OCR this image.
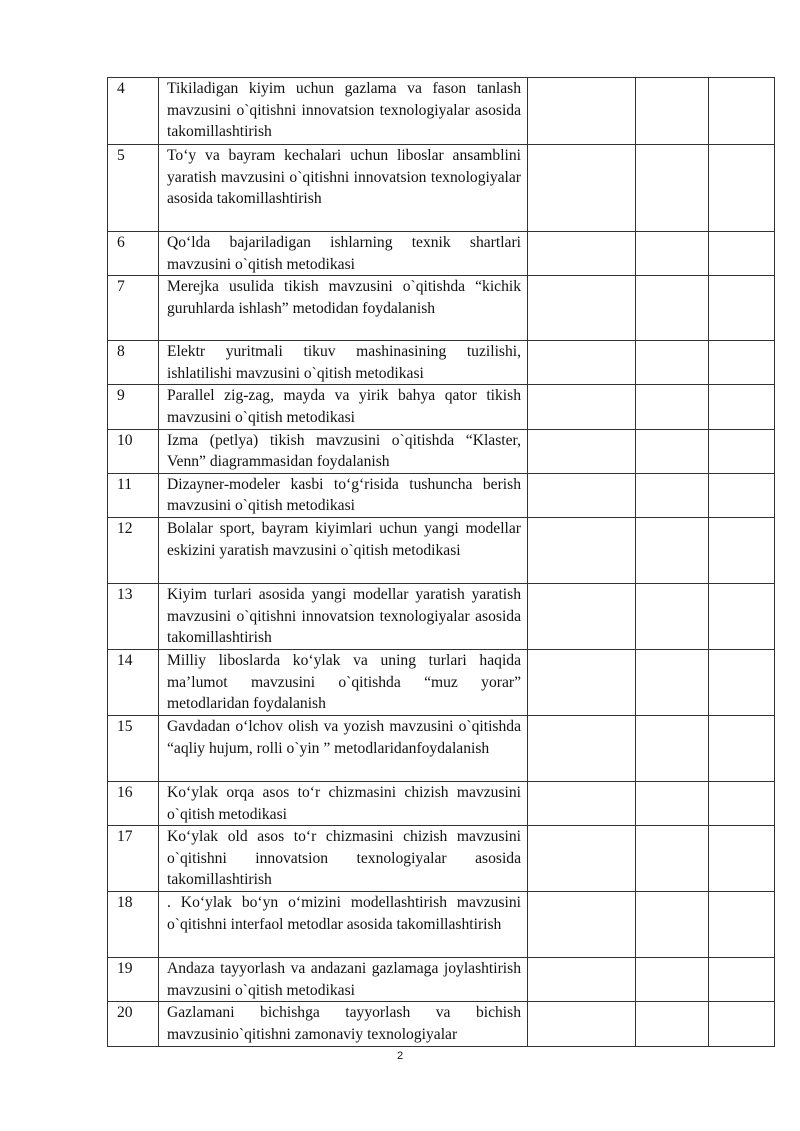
4	Tikiladigan kiyim uchun gazlama va fason tanlash mavzusini o`qitishni innovatsion texnologiyalar asosida takomillashtirish			
5	To‘y va bayram kechalari uchun liboslar ansamblini yaratish mavzusini o`qitishni innovatsion texnologiyalar asosida takomillashtirish			
6	Qo‘lda bajariladigan ishlarning texnik shartlari mavzusini o`qitish metodikasi			
7	Merejka usulida tikish mavzusini o`qitishda “kichik guruhlarda ishlash” metodidan foydalanish			
8	Elektr yuritmali tikuv mashinasining tuzilishi, ishlatilishi mavzusini o`qitish metodikasi			
9	Parallel zig-zag, mayda va yirik bahya qator tikish mavzusini o`qitish metodikasi			
10	Izma (petlya) tikish mavzusini o`qitishda “Klaster, Venn” diagrammasidan foydalanish			
11	Dizayner-modeler kasbi to‘g‘risida tushuncha berish mavzusini o`qitish metodikasi			
12	Bolalar sport, bayram kiyimlari uchun yangi modellar eskizini yaratish mavzusini o`qitish metodikasi			
13	Kiyim turlari asosida yangi modellar yaratish yaratish mavzusini o`qitishni innovatsion texnologiyalar asosida takomillashtirish			
14	Milliy liboslarda ko‘ylak va uning turlari haqida ma’lumot mavzusini o`qitishda “muz yorar” metodlaridan foydalanish			
15	Gavdadan o‘lchov olish va yozish mavzusini o`qitishda “aqliy hujum, rolli o`yin ” metodlaridanfoydalanish			
16	Ko‘ylak orqa asos to‘r chizmasini chizish mavzusini o`qitish metodikasi			
17	Ko‘ylak old asos to‘r chizmasini chizish mavzusini o`qitishni innovatsion texnologiyalar asosida takomillashtirish			
18	. Ko‘ylak bo‘yn o‘mizini modellashtirish mavzusini o`qitishni interfaol metodlar asosida takomillashtirish			
19	Andaza tayyorlash va andazani gazlamaga joylashtirish mavzusini o`qitish metodikasi			
20	Gazlamani bichishga tayyorlash va bichish mavzusinio`qitishni zamonaviy texnologiyalar			
2
